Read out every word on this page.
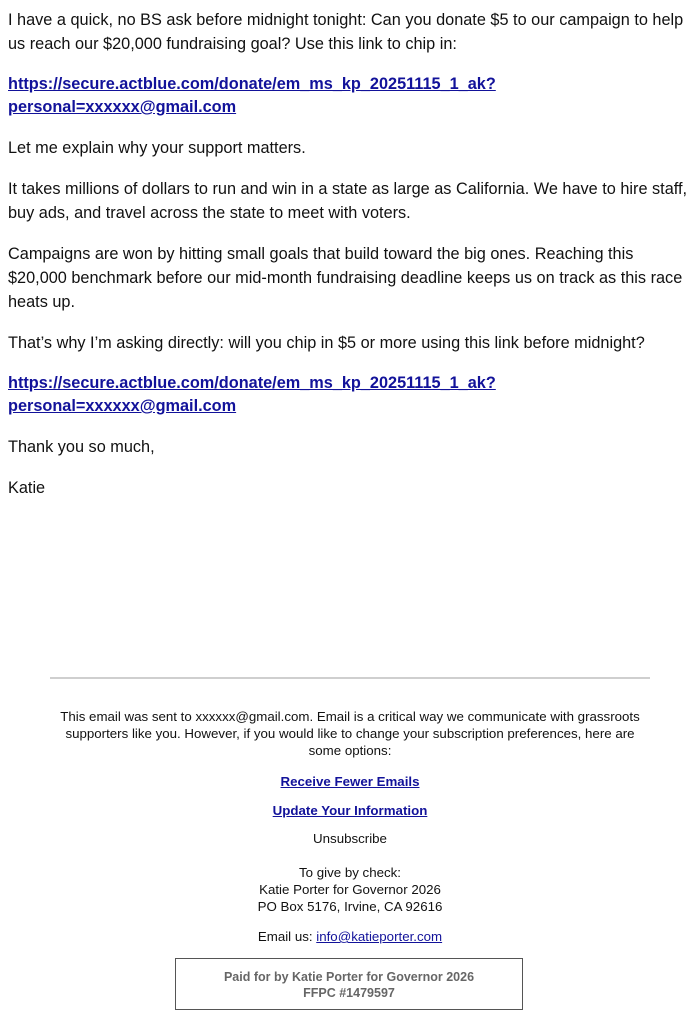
I have a quick, no BS ask before midnight tonight: Can you donate $5 to our campaign to help us reach our $20,000 fundraising goal? Use this link to chip in:

https://secure.actblue.com/donate/em_ms_kp_20251115_1_ak?
personal=xxxxxx@gmail.com

Let me explain why your support matters.

It takes millions of dollars to run and win in a state as large as California. We have to hire staff, buy ads, and travel across the state to meet with voters.

Campaigns are won by hitting small goals that build toward the big ones. Reaching this $20,000 benchmark before our mid-month fundraising deadline keeps us on track as this race heats up.

That’s why I’m asking directly: will you chip in $5 or more using this link before midnight?

https://secure.actblue.com/donate/em_ms_kp_20251115_1_ak?
personal=xxxxxx@gmail.com

Thank you so much,

Katie

This email was sent to xxxxxx@gmail.com. Email is a critical way we communicate with grassroots supporters like you. However, if you would like to change your subscription preferences, here are some options:

Receive Fewer Emails
Update Your Information

Unsubscribe

To give by check:

Katie Porter for Governor 2026

PO Box 5176, Irvine, CA 92616

Email us: info@katieporter.com

Paid for by Katie Porter for Governor 2026
FFPC #1479597
